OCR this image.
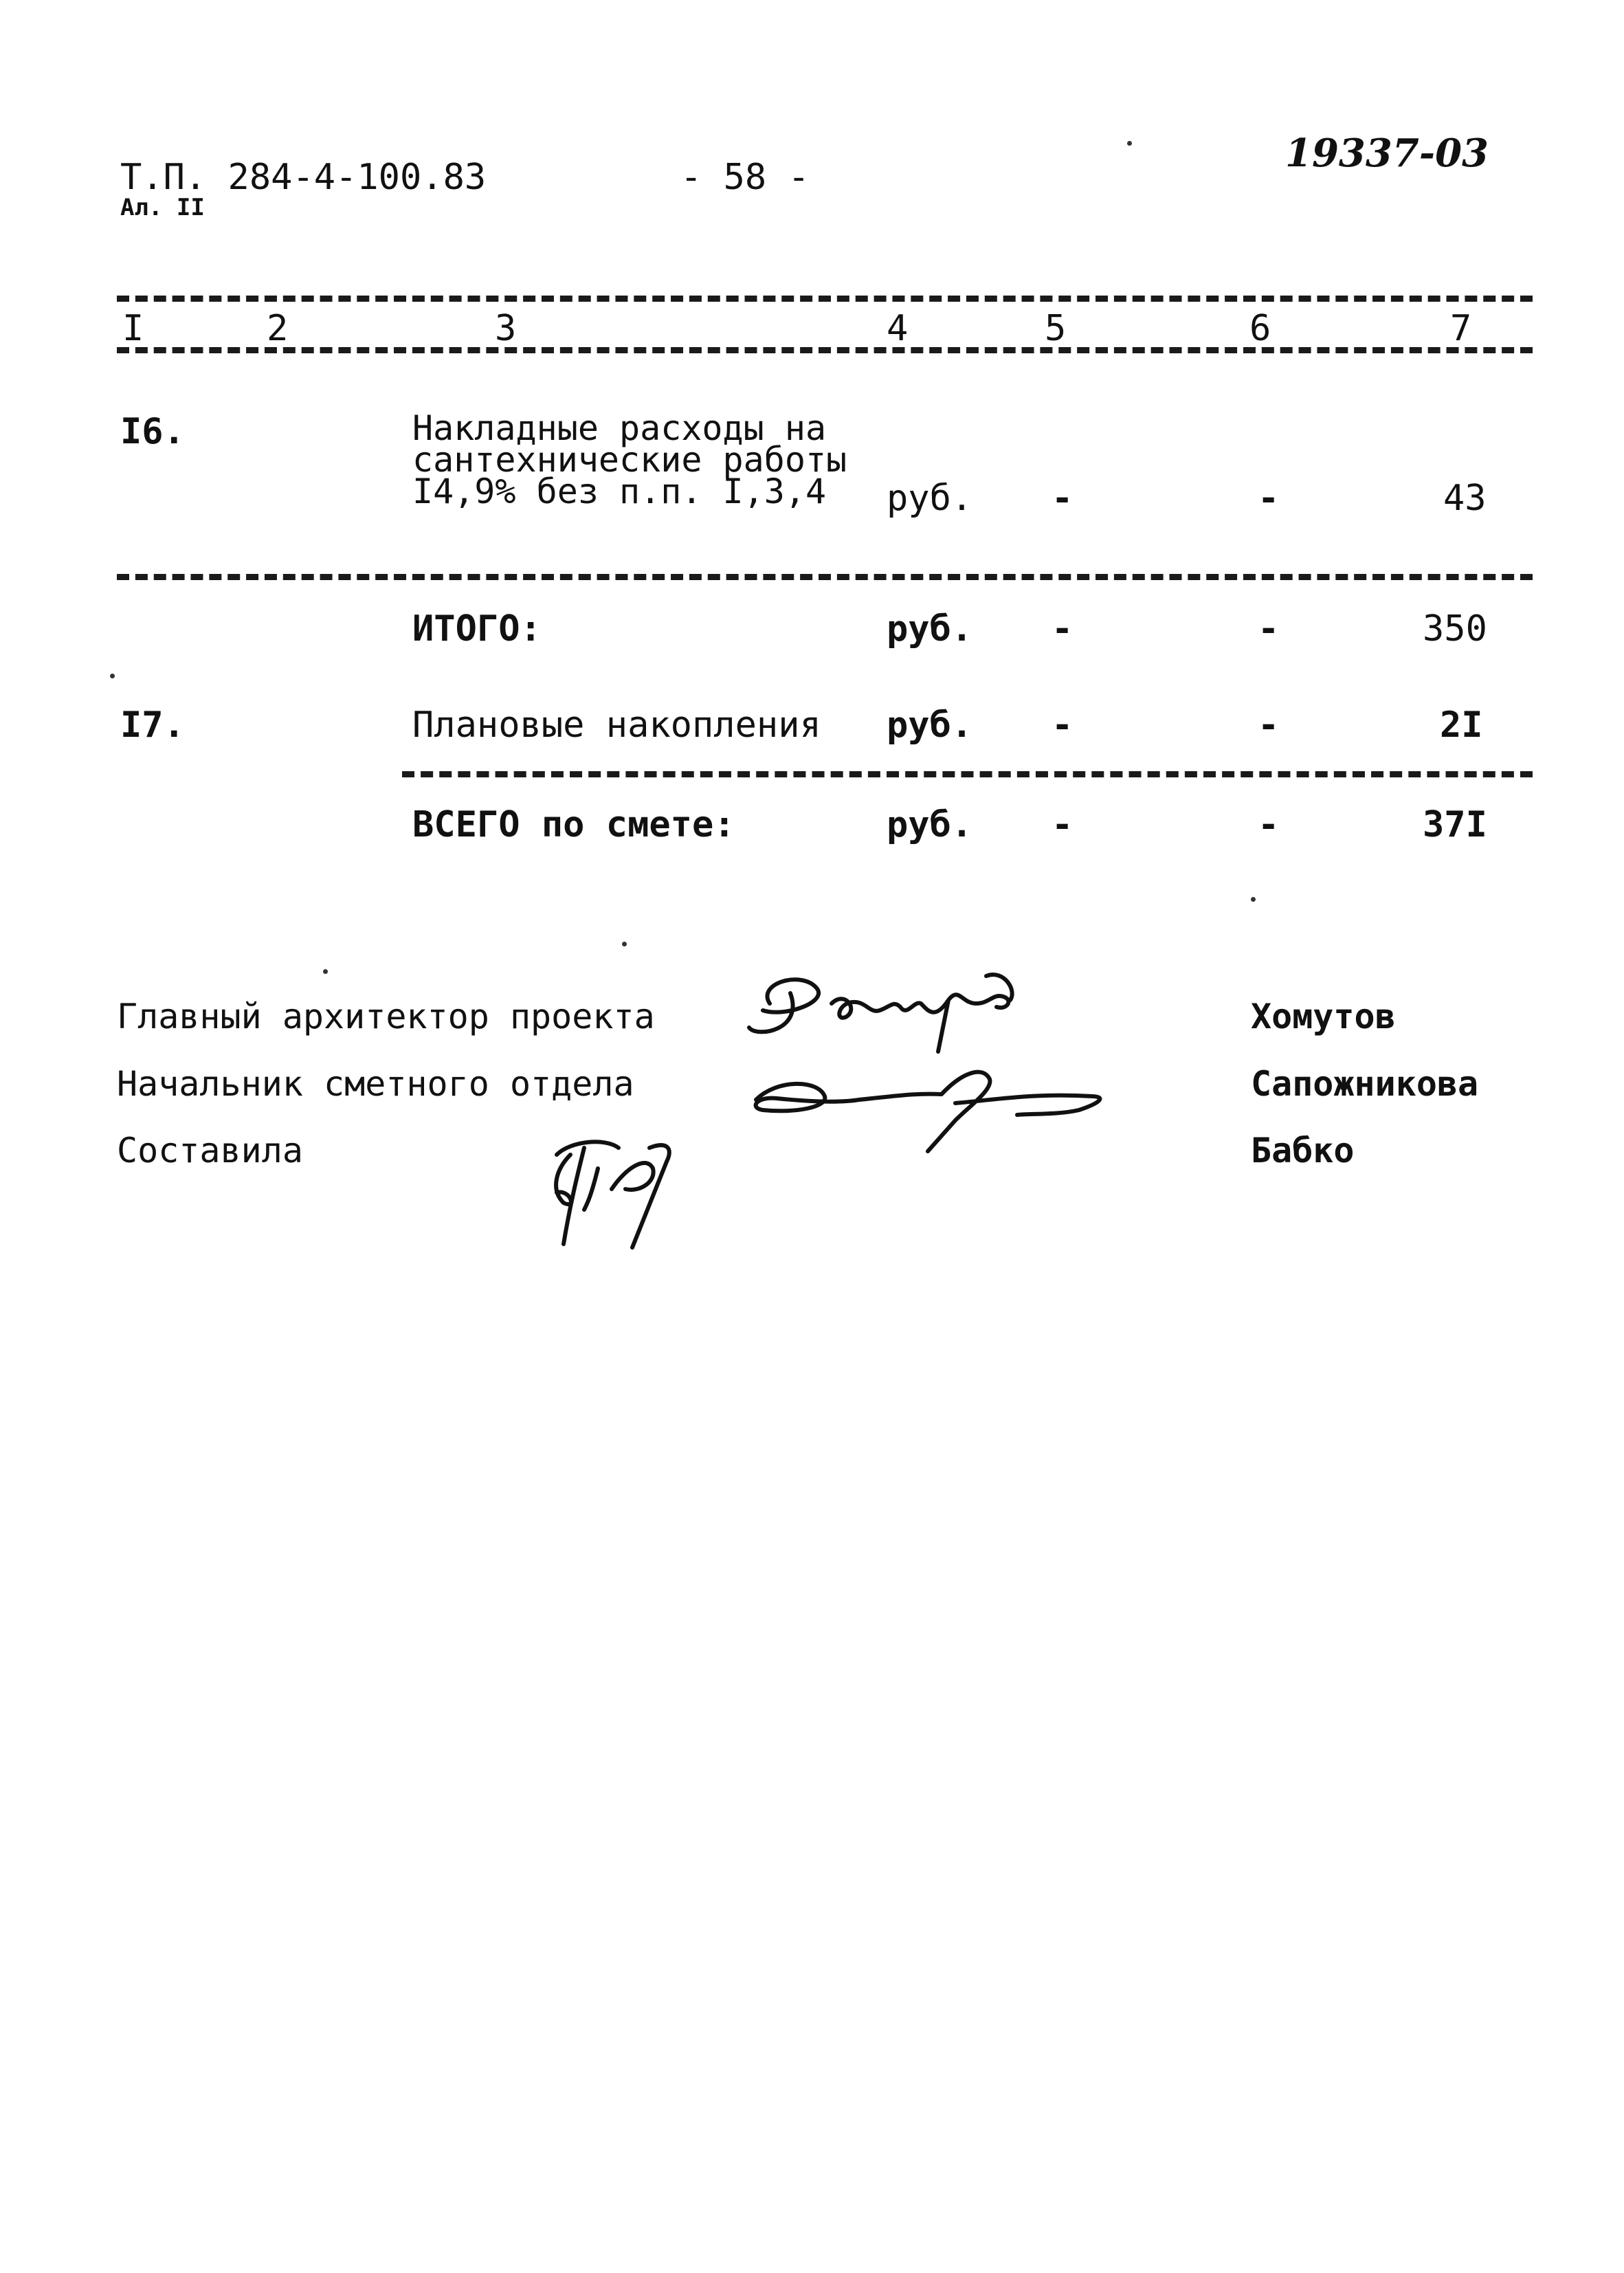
Т.П. 284-4-100.83
Ал. II
- 58 -
19337-03
I	2	3	4	5	6	7
I6.	Накладные расходы на
сантехнические работы
I4,9% без п.п. I,3,4	руб. -	-	43
ИТОГО:	руб. -	-	350
I7.	Плановые накопления руб. -	-	2I
ВСЕГО по смете:	руб. -	-	37I
Главный архитектор проекта
Начальник сметного отдела
Составила
Хомутов
Сапожникова
Бабко
